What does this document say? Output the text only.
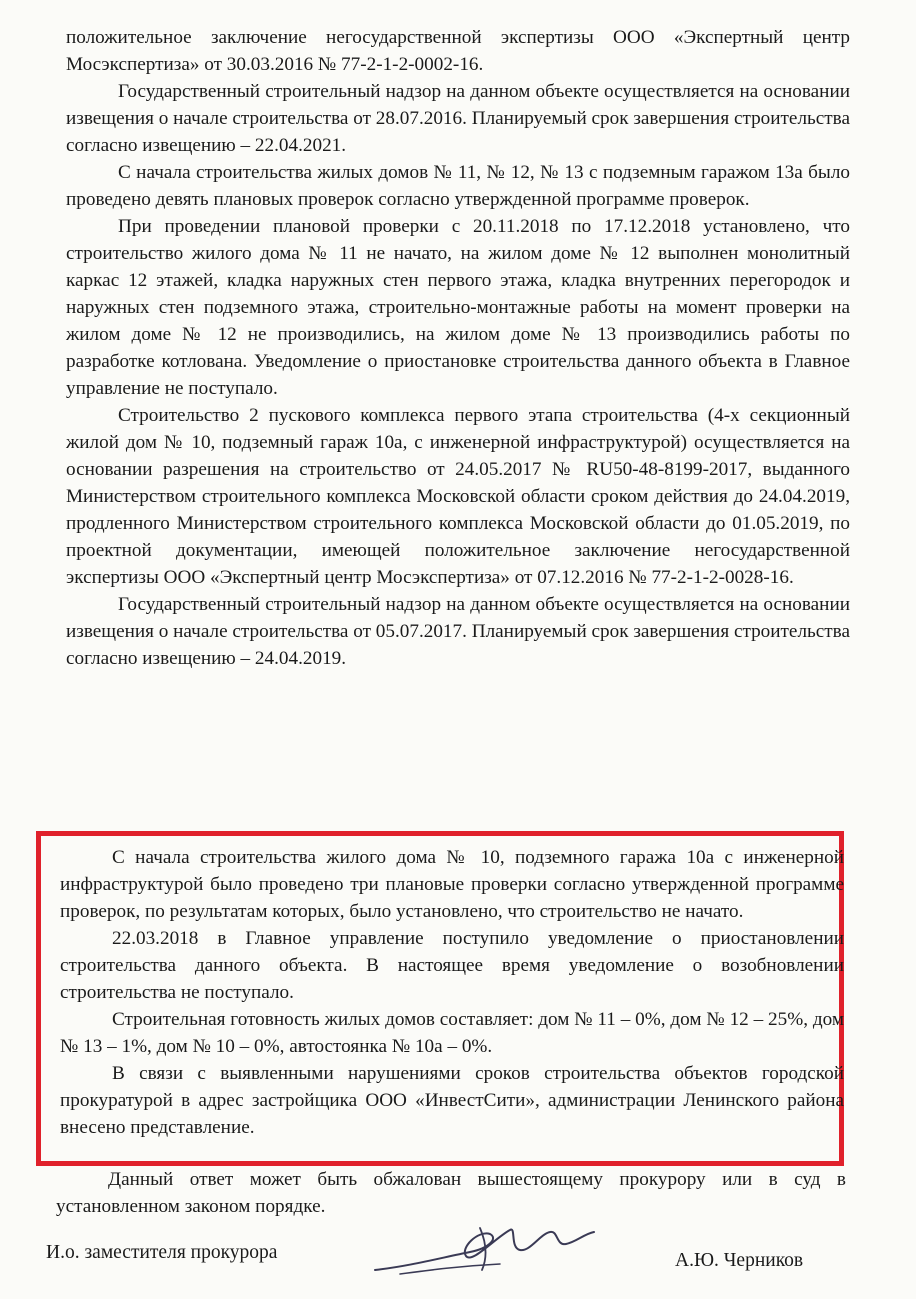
положительное заключение негосударственной экспертизы ООО «Экспертный центр Мосэкспертиза» от 30.03.2016 № 77-2-1-2-0002-16.

Государственный строительный надзор на данном объекте осуществляется на основании извещения о начале строительства от 28.07.2016. Планируемый срок завершения строительства согласно извещению – 22.04.2021.

С начала строительства жилых домов № 11, № 12, № 13 с подземным гаражом 13а было проведено девять плановых проверок согласно утвержденной программе проверок.

При проведении плановой проверки с 20.11.2018 по 17.12.2018 установлено, что строительство жилого дома № 11 не начато, на жилом доме № 12 выполнен монолитный каркас 12 этажей, кладка наружных стен первого этажа, кладка внутренних перегородок и наружных стен подземного этажа, строительно-монтажные работы на момент проверки на жилом доме № 12 не производились, на жилом доме № 13 производились работы по разработке котлована. Уведомление о приостановке строительства данного объекта в Главное управление не поступало.

Строительство 2 пускового комплекса первого этапа строительства (4-х секционный жилой дом № 10, подземный гараж 10а, с инженерной инфраструктурой) осуществляется на основании разрешения на строительство от 24.05.2017 № RU50-48-8199-2017, выданного Министерством строительного комплекса Московской области сроком действия до 24.04.2019, продленного Министерством строительного комплекса Московской области до 01.05.2019, по проектной документации, имеющей положительное заключение негосударственной экспертизы ООО «Экспертный центр Мосэкспертиза» от 07.12.2016 № 77-2-1-2-0028-16.

Государственный строительный надзор на данном объекте осуществляется на основании извещения о начале строительства от 05.07.2017. Планируемый срок завершения строительства согласно извещению – 24.04.2019.

С начала строительства жилого дома № 10, подземного гаража 10а с инженерной инфраструктурой было проведено три плановые проверки согласно утвержденной программе проверок, по результатам которых, было установлено, что строительство не начато.

22.03.2018 в Главное управление поступило уведомление о приостановлении строительства данного объекта. В настоящее время уведомление о возобновлении строительства не поступало.

Строительная готовность жилых домов составляет: дом № 11 – 0%, дом № 12 – 25%, дом № 13 – 1%, дом № 10 – 0%, автостоянка № 10а – 0%.

В связи с выявленными нарушениями сроков строительства объектов городской прокуратурой в адрес застройщика ООО «ИнвестСити», администрации Ленинского района внесено представление.

Данный ответ может быть обжалован вышестоящему прокурору или в суд в установленном законом порядке.

И.о. заместителя прокурора	А.Ю. Черников
